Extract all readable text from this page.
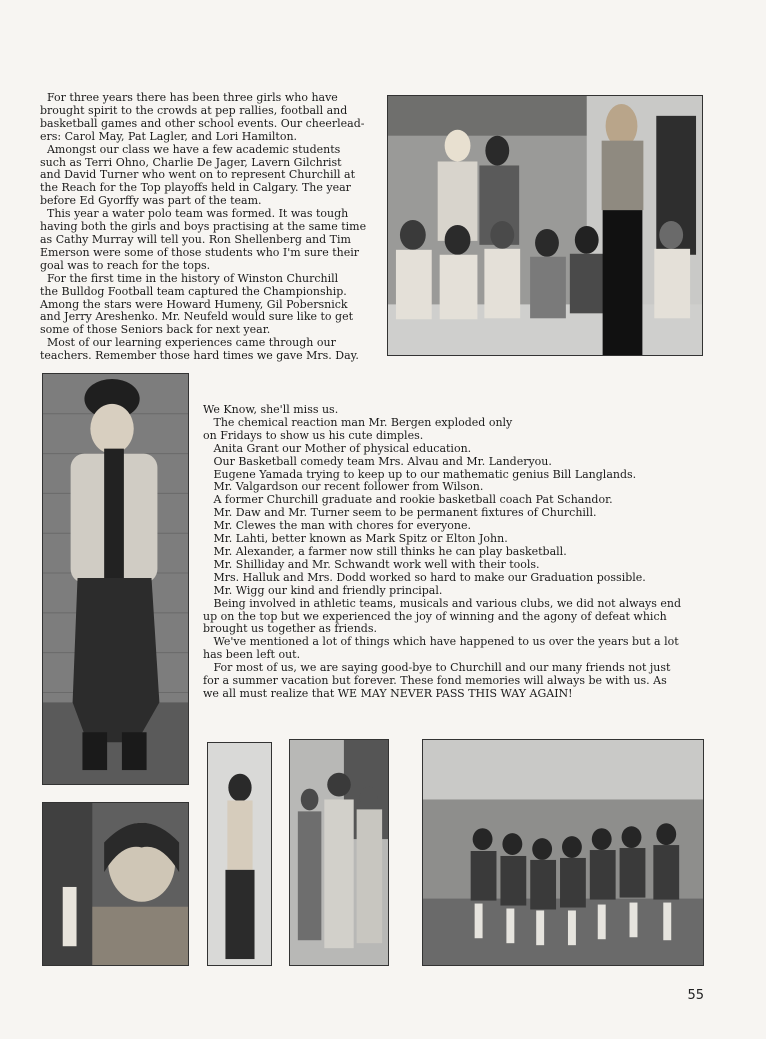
For three years there has been three girls who have

brought spirit to the crowds at pep rallies, football and

basketball games and other school events. Our cheerlead-

ers: Carol May, Pat Lagler, and Lori Hamilton.

Amongst our class we have a few academic students

such as Terri Ohno, Charlie De Jager, Lavern Gilchrist

and David Turner who went on to represent Churchill at

the Reach for the Top playoffs held in Calgary. The year

before Ed Gyorffy was part of the team.

This year a water polo team was formed. It was tough

having both the girls and boys practising at the same time

as Cathy Murray will tell you. Ron Shellenberg and Tim

Emerson were some of those students who I'm sure their

goal was to reach for the tops.

For the first time in the history of Winston Churchill

the Bulldog Football team captured the Championship.

Among the stars were Howard Humeny, Gil Pobersnick

and Jerry Areshenko. Mr. Neufeld would sure like to get

some of those Seniors back for next year.

Most of our learning experiences came through our

teachers. Remember those hard times we gave Mrs. Day.

We Know, she'll miss us.

The chemical reaction man Mr. Bergen exploded only

on Fridays to show us his cute dimples.

Anita Grant our Mother of physical education.

Our Basketball comedy team Mrs. Alvau and Mr. Landeryou.

Eugene Yamada trying to keep up to our mathematic genius Bill Langlands.

Mr. Valgardson our recent follower from Wilson.

A former Churchill graduate and rookie basketball coach Pat Schandor.

Mr. Daw and Mr. Turner seem to be permanent fixtures of Churchill.

Mr. Clewes the man with chores for everyone.

Mr. Lahti, better known as Mark Spitz or Elton John.

Mr. Alexander, a farmer now still thinks he can play basketball.

Mr. Shilliday and Mr. Schwandt work well with their tools.

Mrs. Halluk and Mrs. Dodd worked so hard to make our Graduation possible.

Mr. Wigg our kind and friendly principal.

Being involved in athletic teams, musicals and various clubs, we did not always end

up on the top but we experienced the joy of winning and the agony of defeat which

brought us together as friends.

We've mentioned a lot of things which have happened to us over the years but a lot

has been left out.

For most of us, we are saying good-bye to Churchill and our many friends not just

for a summer vacation but forever. These fond memories will always be with us. As

we all must realize that WE MAY NEVER PASS THIS WAY AGAIN!

55
